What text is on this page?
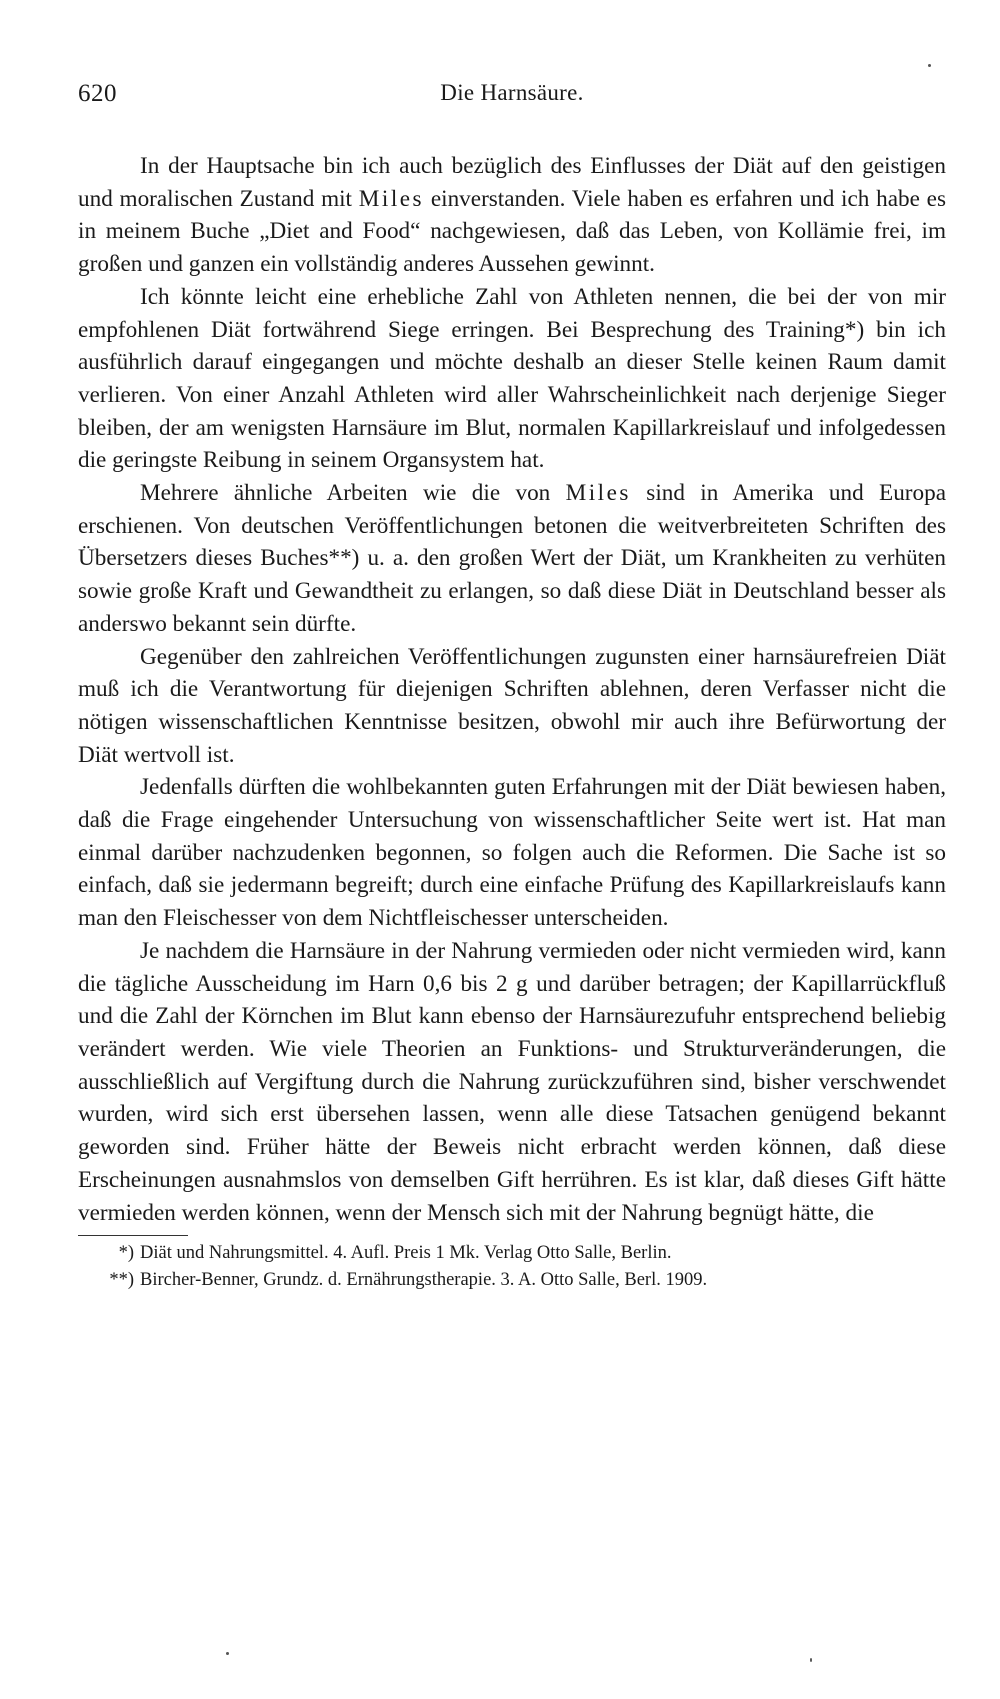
620	Die Harnsäure.

In der Hauptsache bin ich auch bezüglich des Einflusses der Diät auf den geistigen und moralischen Zustand mit Miles einverstanden. Viele haben es erfahren und ich habe es in meinem Buche „Diet and Food“ nachgewiesen, daß das Leben, von Kollämie frei, im großen und ganzen ein vollständig anderes Aussehen gewinnt.

Ich könnte leicht eine erhebliche Zahl von Athleten nennen, die bei der von mir empfohlenen Diät fortwährend Siege erringen. Bei Besprechung des Training*) bin ich ausführlich darauf eingegangen und möchte deshalb an dieser Stelle keinen Raum damit verlieren. Von einer Anzahl Athleten wird aller Wahrscheinlichkeit nach derjenige Sieger bleiben, der am wenigsten Harnsäure im Blut, normalen Kapillarkreislauf und infolgedessen die geringste Reibung in seinem Organsystem hat.

Mehrere ähnliche Arbeiten wie die von Miles sind in Amerika und Europa erschienen. Von deutschen Veröffentlichungen betonen die weitverbreiteten Schriften des Übersetzers dieses Buches**) u. a. den großen Wert der Diät, um Krankheiten zu verhüten sowie große Kraft und Gewandtheit zu erlangen, so daß diese Diät in Deutschland besser als anderswo bekannt sein dürfte.

Gegenüber den zahlreichen Veröffentlichungen zugunsten einer harnsäurefreien Diät muß ich die Verantwortung für diejenigen Schriften ablehnen, deren Verfasser nicht die nötigen wissenschaftlichen Kenntnisse besitzen, obwohl mir auch ihre Befürwortung der Diät wertvoll ist.

Jedenfalls dürften die wohlbekannten guten Erfahrungen mit der Diät bewiesen haben, daß die Frage eingehender Untersuchung von wissenschaftlicher Seite wert ist. Hat man einmal darüber nachzudenken begonnen, so folgen auch die Reformen. Die Sache ist so einfach, daß sie jedermann begreift; durch eine einfache Prüfung des Kapillarkreislaufs kann man den Fleischesser von dem Nichtfleischesser unterscheiden.

Je nachdem die Harnsäure in der Nahrung vermieden oder nicht vermieden wird, kann die tägliche Ausscheidung im Harn 0,6 bis 2 g und darüber betragen; der Kapillarrückfluß und die Zahl der Körnchen im Blut kann ebenso der Harnsäurezufuhr entsprechend beliebig verändert werden. Wie viele Theorien an Funktions- und Strukturveränderungen, die ausschließlich auf Vergiftung durch die Nahrung zurückzuführen sind, bisher verschwendet wurden, wird sich erst übersehen lassen, wenn alle diese Tatsachen genügend bekannt geworden sind. Früher hätte der Beweis nicht erbracht werden können, daß diese Erscheinungen ausnahmslos von demselben Gift herrühren. Es ist klar, daß dieses Gift hätte vermieden werden können, wenn der Mensch sich mit der Nahrung begnügt hätte, die

*) Diät und Nahrungsmittel. 4. Aufl. Preis 1 Mk. Verlag Otto Salle, Berlin.

**) Bircher-Benner, Grundz. d. Ernährungstherapie. 3. A. Otto Salle, Berl. 1909.
